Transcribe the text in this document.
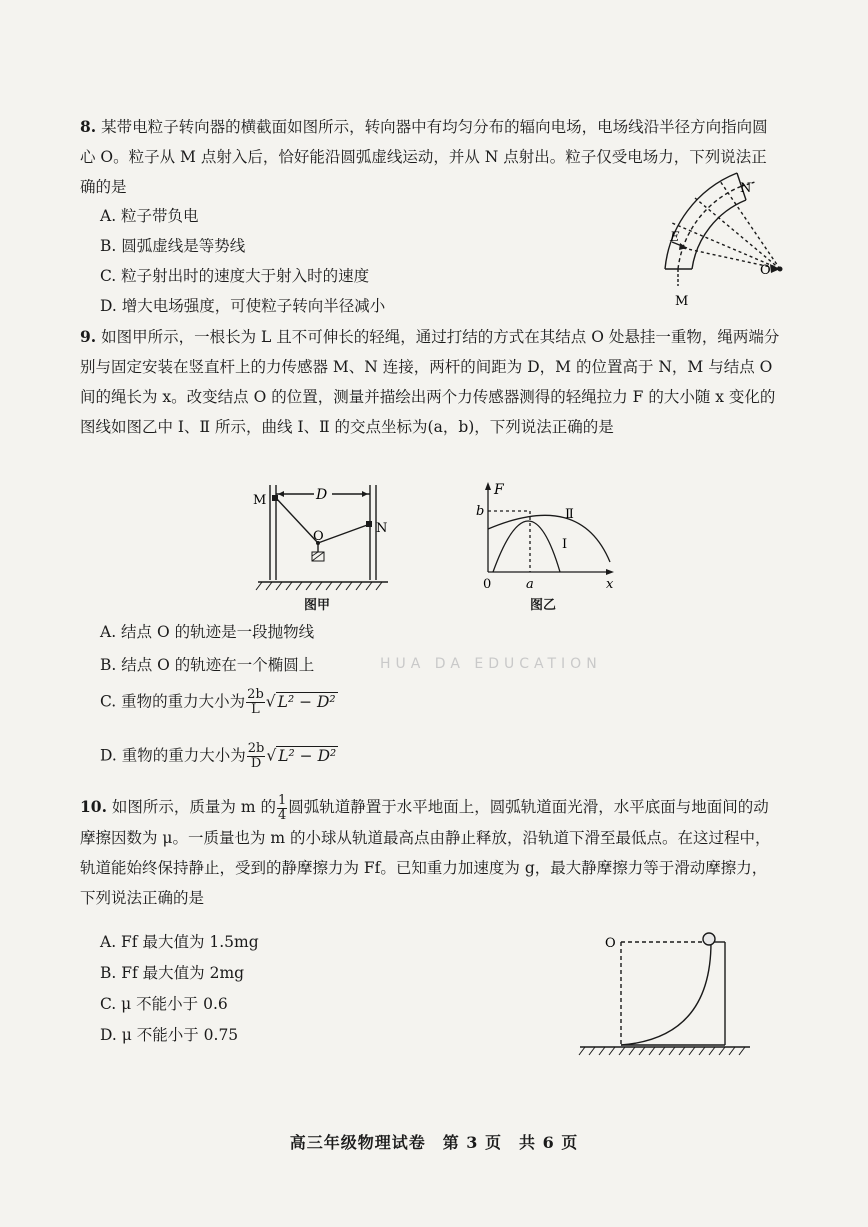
8. 某带电粒子转向器的横截面如图所示，转向器中有均匀分布的辐向电场，电场线沿半径方向指向圆心 O。粒子从 M 点射入后，恰好能沿圆弧虚线运动，并从 N 点射出。粒子仅受电场力，下列说法正确的是
A. 粒子带负电
B. 圆弧虚线是等势线
C. 粒子射出时的速度大于射入时的速度
D. 增大电场强度，可使粒子转向半径减小
N
E
O
M
9. 如图甲所示，一根长为 L 且不可伸长的轻绳，通过打结的方式在其结点 O 处悬挂一重物，绳两端分别与固定安装在竖直杆上的力传感器 M、N 连接，两杆的间距为 D，M 的位置高于 N，M 与结点 O 间的绳长为 x。改变结点 O 的位置，测量并描绘出两个力传感器测得的轻绳拉力 F 的大小随 x 变化的图线如图乙中 Ⅰ、Ⅱ 所示，曲线 Ⅰ、Ⅱ 的交点坐标为(a，b)，下列说法正确的是
M	D
O
N
图甲
F
b	Ⅱ
Ⅰ
0	a	x
图乙
A. 结点 O 的轨迹是一段抛物线
B. 结点 O 的轨迹在一个椭圆上
C. 重物的重力大小为 $\frac{2b}{L}$ √ L² − D²
D. 重物的重力大小为 $\frac{2b}{D}$ √ L² − D²
HUA DA EDUCATION
10. 如图所示，质量为 m 的 $\frac{1}{4}$ 圆弧轨道静置于水平地面上，圆弧轨道面光滑，水平底面与地面间的动摩擦因数为 μ。一质量也为 m 的小球从轨道最高点由静止释放，沿轨道下滑至最低点。在这过程中，轨道能始终保持静止，受到的静摩擦力为 Ff。已知重力加速度为 g，最大静摩擦力等于滑动摩擦力，下列说法正确的是
A. Ff 最大值为 1.5mg
B. Ff 最大值为 2mg
C. μ 不能小于 0.6
D. μ 不能小于 0.75
O
高三年级物理试卷　第 3 页　共 6 页
